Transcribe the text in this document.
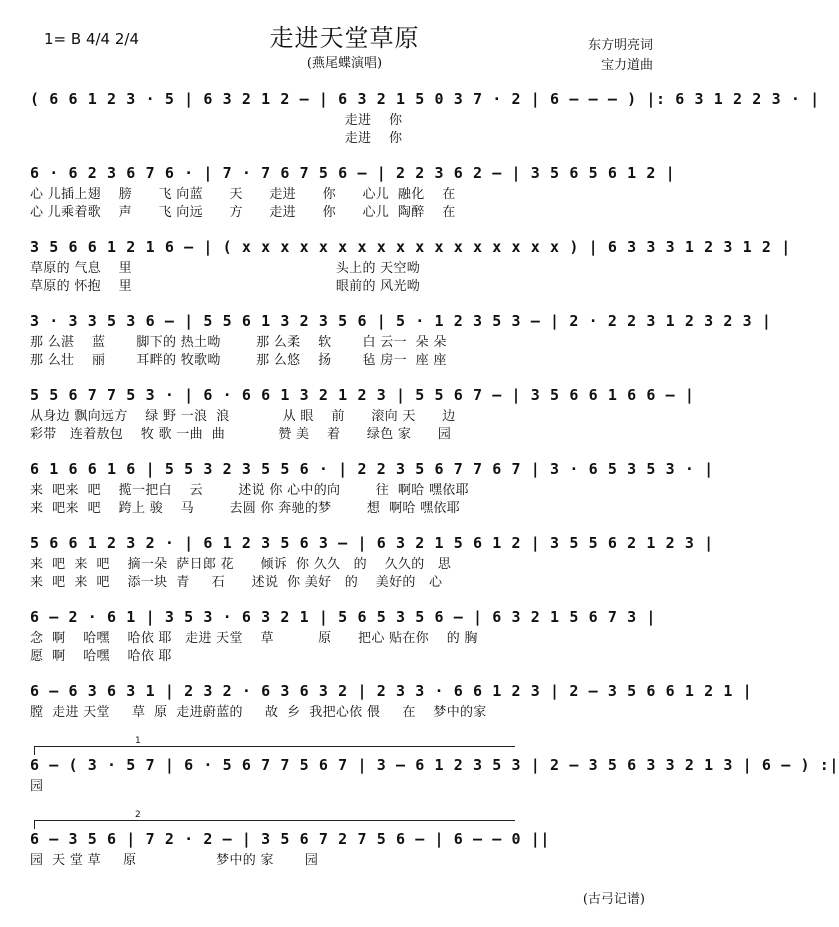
1= B 4/4 2/4	走进天堂草原
(燕尾蝶演唱)
东方明亮词
宝力道曲
( 6 6 1 2 3 · 5 | 6 3 2 1 2 – | 6 3 2 1 5 0 3 7 · 2 | 6 – – – ) |: 6 3 1 2 2 3 · |
走进    你
走进    你
6 · 6 2 3 6 7 6 · | 7 · 7 6 7 5 6 – | 2 2 3 6 2 – | 3 5 6 5 6 1 2 |
心 儿插上翅    膀      飞 向蓝      天      走进      你      心儿  融化    在
心 儿乘着歌    声      飞 向远      方      走进      你      心儿  陶醉    在
3 5 6 6 1 2 1 6 – | ( x x x x x x x x x x x x x x x x x ) | 6 3 3 3 1 2 3 1 2 |
草原的 气息    里                                              头上的 天空呦
草原的 怀抱    里                                              眼前的 风光呦
3 · 3 3 5 3 6 – | 5 5 6 1 3 2 3 5 6 | 5 · 1 2 3 5 3 – | 2 · 2 2 3 1 2 3 2 3 |
那 么湛    蓝       脚下的 热土呦        那 么柔    软       白 云一  朵 朵
那 么壮    丽       耳畔的 牧歌呦        那 么悠    扬       毡 房一  座 座
5 5 6 7 7 5 3 · | 6 · 6 6 1 3 2 1 2 3 | 5 5 6 7 – | 3 5 6 6 1 6 6 – |
从身边 飘向远方    绿 野 一浪  浪            从 眼    前      滚向 天      边
彩带   连着敖包    牧 歌 一曲  曲            赞 美    着      绿色 家      园
6 1 6 6 1 6 | 5 5 3 2 3 5 5 6 · | 2 2 3 5 6 7 7 6 7 | 3 · 6 5 3 5 3 · |
来  吧来  吧    揽一把白    云        述说 你 心中的向        往  啊哈 嘿依耶
来  吧来  吧    跨上 骏    马        去圆 你 奔驰的梦        想  啊哈 嘿依耶
5 6 6 1 2 3 2 · | 6 1 2 3 5 6 3 – | 6 3 2 1 5 6 1 2 | 3 5 5 6 2 1 2 3 |
来  吧  来  吧    摘一朵  萨日郎 花      倾诉  你 久久   的    久久的   思
来  吧  来  吧    添一块  青     石      述说  你 美好   的    美好的   心
6 – 2 · 6 1 | 3 5 3 · 6 3 2 1 | 5 6 5 3 5 6 – | 6 3 2 1 5 6 7 3 |
念  啊    哈嘿    哈依 耶   走进 天堂    草          原      把心 贴在你    的 胸
愿  啊    哈嘿    哈依 耶
6 – 6 3 6 3 1 | 2 3 2 · 6 3 6 3 2 | 2 3 3 · 6 6 1 2 3 | 2 – 3 5 6 6 1 2 1 |
膛  走进 天堂     草  原  走进蔚蓝的     故  乡  我把心依 偎     在    梦中的家
1
6 – ( 3 · 5 7 | 6 · 5 6 7 7 5 6 7 | 3 – 6 1 2 3 5 3 | 2 – 3 5 6 3 3 2 1 3 | 6 – ) :|
园
2
6 – 3 5 6 | 7 2 · 2 – | 3 5 6 7 2 7 5 6 – | 6 – – 0 ||
园  天 堂 草     原                  梦中的 家       园
(古弓记谱)
